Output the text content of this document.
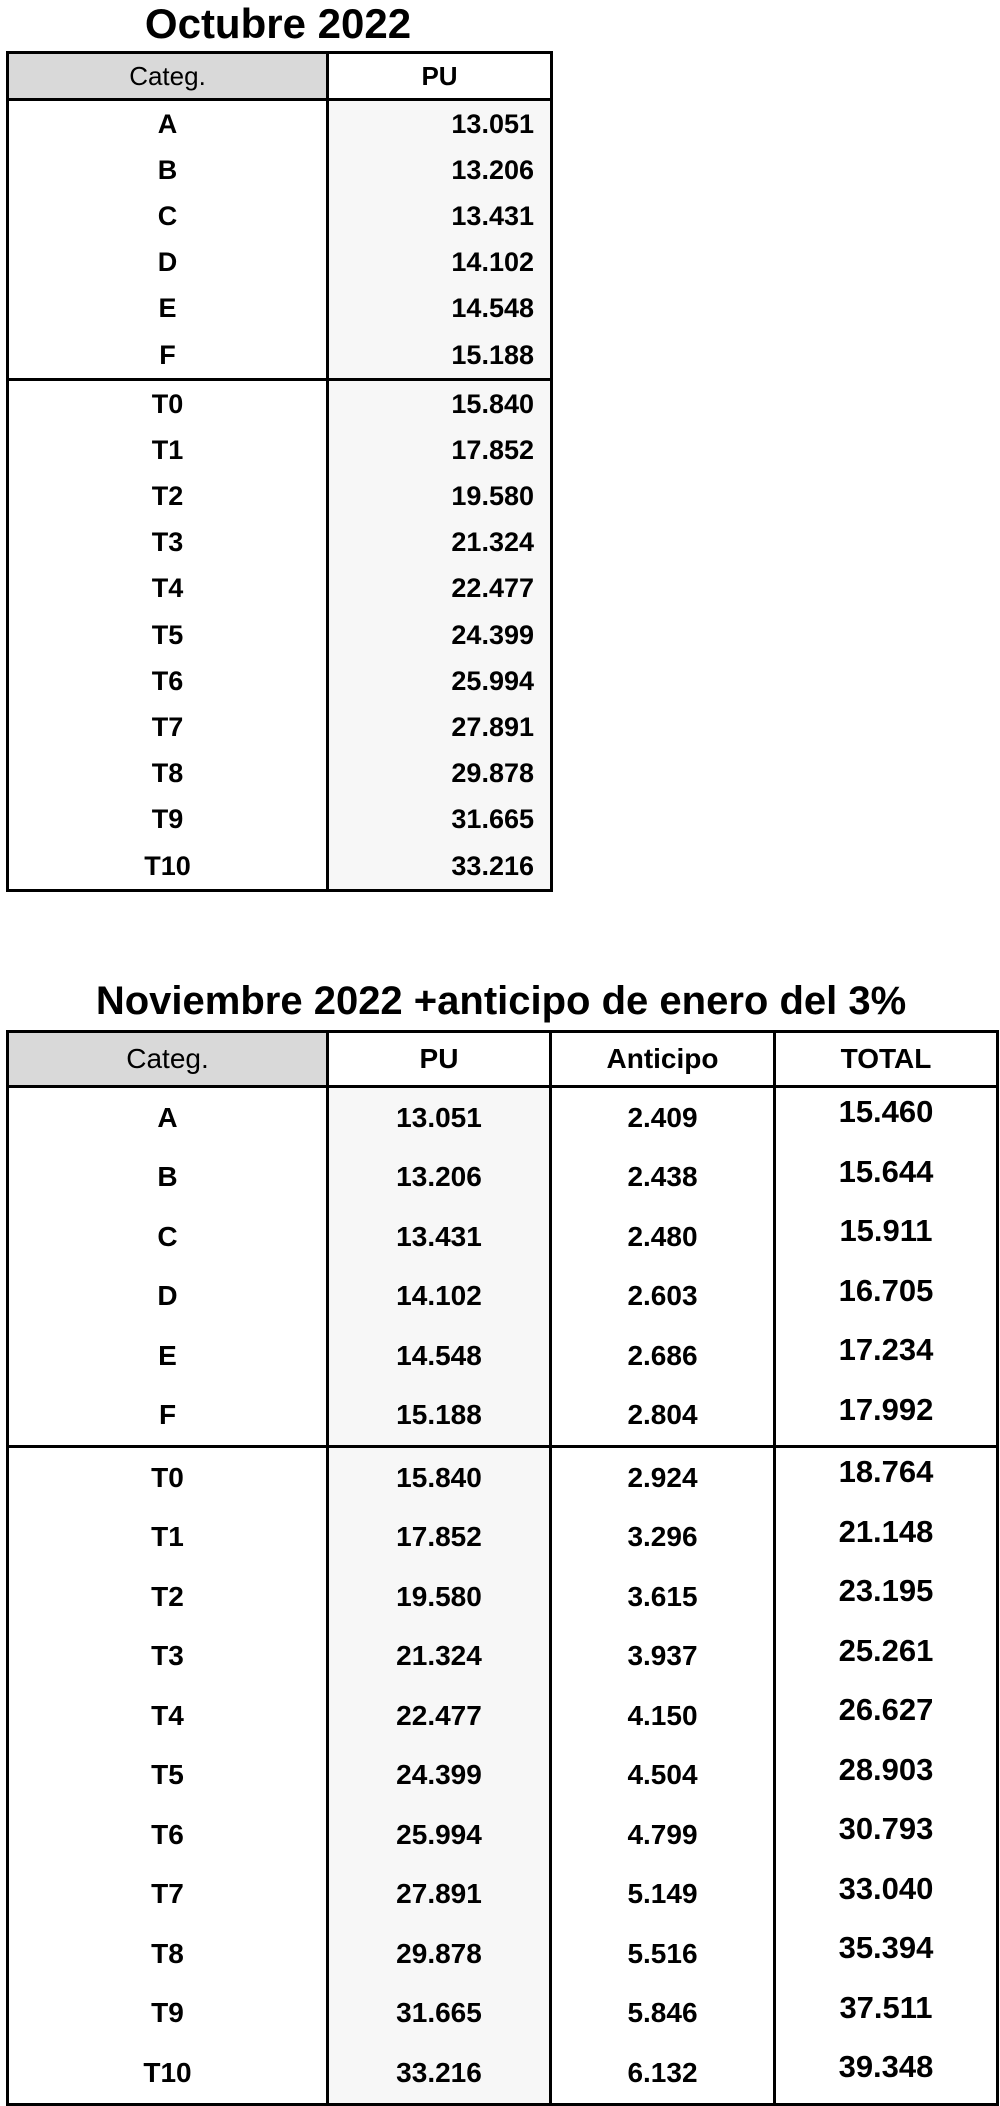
Octubre 2022
Categ.	PU
A	13.051
B	13.206
C	13.431
D	14.102
E	14.548
F	15.188
T0	15.840
T1	17.852
T2	19.580
T3	21.324
T4	22.477
T5	24.399
T6	25.994
T7	27.891
T8	29.878
T9	31.665
T10	33.216
Noviembre 2022 +anticipo de enero del 3%
Categ.	PU	Anticipo	TOTAL
A	13.051	2.409	15.460
B	13.206	2.438	15.644
C	13.431	2.480	15.911
D	14.102	2.603	16.705
E	14.548	2.686	17.234
F	15.188	2.804	17.992
T0	15.840	2.924	18.764
T1	17.852	3.296	21.148
T2	19.580	3.615	23.195
T3	21.324	3.937	25.261
T4	22.477	4.150	26.627
T5	24.399	4.504	28.903
T6	25.994	4.799	30.793
T7	27.891	5.149	33.040
T8	29.878	5.516	35.394
T9	31.665	5.846	37.511
T10	33.216	6.132	39.348
